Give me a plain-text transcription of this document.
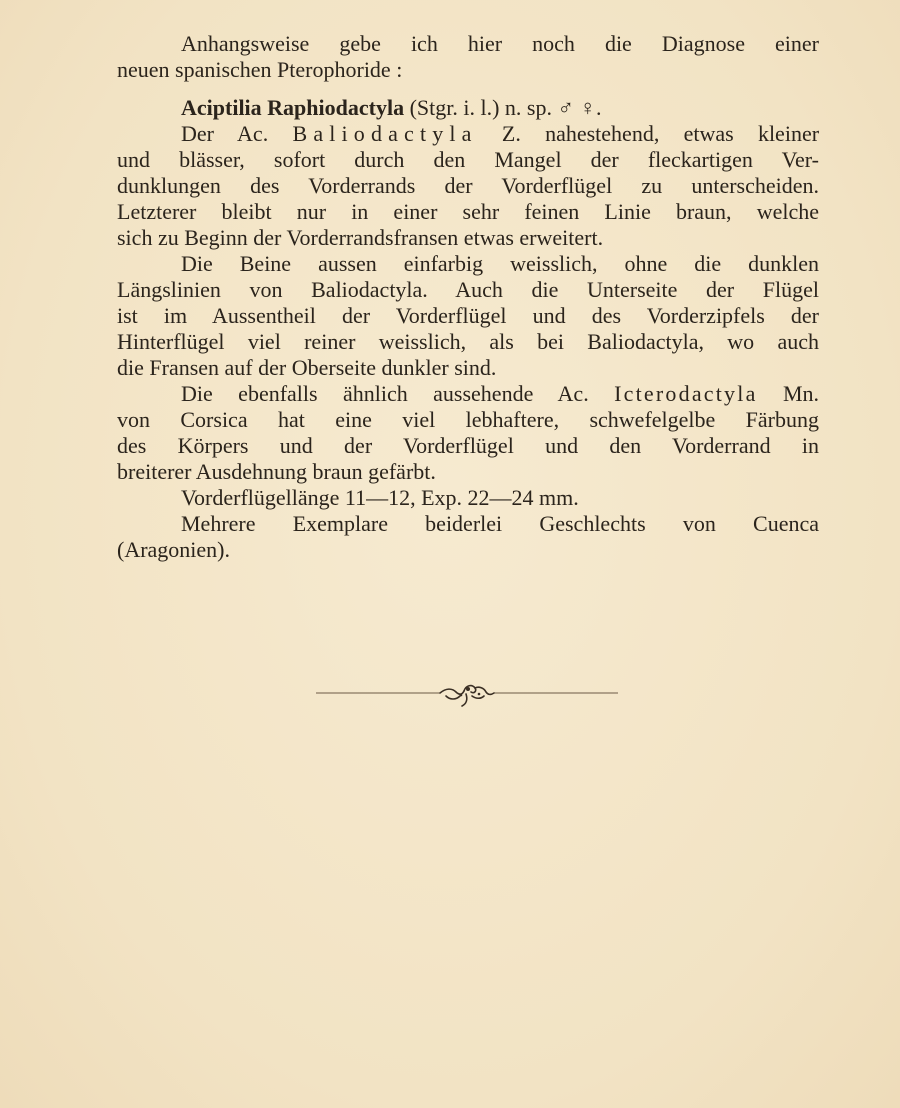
Anhangsweise gebe ich hier noch die Diagnose einer
neuen spanischen Pterophoride :
Aciptilia Raphiodactyla (Stgr. i. l.) n. sp. ♂ ♀.
Der Ac. Baliodactyla Z. nahestehend, etwas kleiner
und blässer, sofort durch den Mangel der fleckartigen Ver-
dunklungen des Vorderrands der Vorderflügel zu unterscheiden.
Letzterer bleibt nur in einer sehr feinen Linie braun, welche
sich zu Beginn der Vorderrandsfransen etwas erweitert.
Die Beine aussen einfarbig weisslich, ohne die dunklen
Längslinien von Baliodactyla. Auch die Unterseite der Flügel
ist im Aussentheil der Vorderflügel und des Vorderzipfels der
Hinterflügel viel reiner weisslich, als bei Baliodactyla, wo auch
die Fransen auf der Oberseite dunkler sind.
Die ebenfalls ähnlich aussehende Ac. Icterodactyla Mn.
von Corsica hat eine viel lebhaftere, schwefelgelbe Färbung
des Körpers und der Vorderflügel und den Vorderrand in
breiterer Ausdehnung braun gefärbt.
Vorderflügellänge 11—12, Exp. 22—24 mm.
Mehrere Exemplare beiderlei Geschlechts von Cuenca
(Aragonien).
